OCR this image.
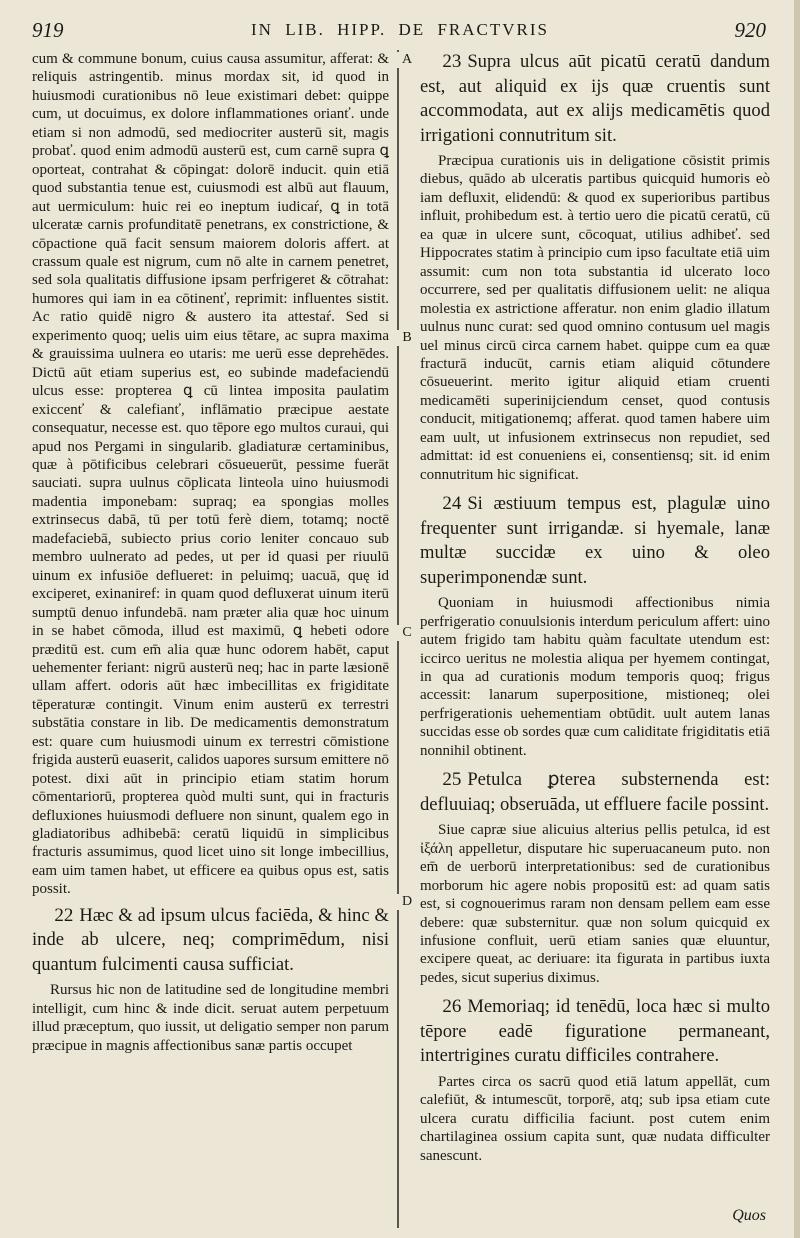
919	IN LIB. HIPP. DE FRACTVRIS	920
A
B
C
D

cum & commune bonum, cuius causa assumitur, afferat: & reliquis astringentib. minus mordax sit, id quod in huiusmodi curationibus nō leue existimari debet: quippe cum, ut docuimus, ex dolore inflammationes orianť. unde etiam si non admodū, sed mediocriter austerū sit, magis probať. quod enim admodū austerū est, cum carnē supra ꝗ oporteat, contrahat & cōpingat: dolorē inducit. quin etiā quod substantia tenue est, cuiusmodi est albū aut flauum, aut uermiculum: huic rei eo ineptum iudicaŕ, ꝗ in totā ulceratæ carnis profunditatē penetrans, ex constrictione, & cōpactione quā facit sensum maiorem doloris affert. at crassum quale est nigrum, cum nō alte in carnem penetret, sed sola qualitatis diffusione ipsam perfrigeret & cōtrahat: humores qui iam in ea cōtinenť, reprimit: influentes sistit. Ac ratio quidē nigro & austero ita attestaŕ. Sed si experimento quoq; uelis uim eius tētare, ac supra maxima & grauissima uulnera eo utaris: me uerū esse deprehēdes. Dictū aūt etiam superius est, eo subinde madefaciendū ulcus esse: propterea ꝗ cū lintea imposita paulatim exiccenť & calefianť, inflāmatio præcipue aestate consequatur, necesse est. quo tēpore ego multos curaui, qui apud nos Pergami in singularib. gladiaturæ certaminibus, quæ à pōtificibus celebrari cōsueuerūt, pessime fuerāt sauciati. supra uulnus cōplicata linteola uino huiusmodi madentia imponebam: supraq; ea spongias molles extrinsecus dabā, tū per totū ferè diem, totamq; noctē madefaciebā, subiecto prius corio leniter concauo sub membro uulnerato ad pedes, ut per id quasi per riuulū uinum ex infusiōe deflueret: in peluimq; uacuā, quę id exciperet, exinaniref: in quam quod defluxerat uinum iterū sumptū denuo infundebā. nam præter alia quæ hoc uinum in se habet cōmoda, illud est maximū, ꝗ hebeti odore præditū est. cum em̄ alia quæ hunc odorem habēt, caput uehementer feriant: nigrū austerū neq; hac in parte læsionē ullam affert. odoris aūt hæc imbecillitas ex frigiditate tēperaturæ contingit. Vinum enim austerū ex terrestri substātia constare in lib. De medicamentis demonstratum est: quare cum huiusmodi uinum ex terrestri cōmistione frigida austerū euaserit, calidos uapores sursum emittere nō potest. dixi aūt in principio etiam statim horum cōmentariorū, propterea quòd multi sunt, qui in fracturis defluxiones huiusmodi defluere non sinunt, qualem ego in gladiatoribus adhibebā: ceratū liquidū in simplicibus fracturis assumimus, quod licet uino sit longe imbecillius, eam uim tamen habet, ut efficere ea quibus opus est, satis possit.

22 Hæc & ad ipsum ulcus faciēda, & hinc & inde ab ulcere, neq; comprimēdum, nisi quantum fulcimenti causa sufficiat.

Rursus hic non de latitudine sed de longitudine membri intelligit, cum hinc & inde dicit. seruat autem perpetuum illud præceptum, quo iussit, ut deligatio semper non parum præcipue in magnis affectionibus sanæ partis occupet

23 Supra ulcus aūt picatū ceratū dandum est, aut aliquid ex ijs quæ cruentis sunt accommodata, aut ex alijs medicamētis quod irrigationi connutritum sit.

Præcipua curationis uis in deligatione cōsistit primis diebus, quādo ab ulceratis partibus quicquid humoris eò iam defluxit, elidendū: & quod ex superioribus partibus influit, prohibedum est. à tertio uero die picatū ceratū, cū ea quæ in ulcere sunt, cōcoquat, utilius adhibeť. sed Hippocrates statim à principio cum ipso facultate etiā uim assumit: cum non tota substantia id ulcerato loco occurrere, sed per qualitatis diffusionem uelit: ne aliqua molestia ex astrictione afferatur. non enim gladio illatum uulnus nunc curat: sed quod omnino contusum uel magis uel minus circū circa carnem habet. quippe cum ea quæ fracturā inducūt, carnis etiam aliquid cōtundere cōsueuerint. merito igitur aliquid etiam cruenti medicamēti superinijciendum censet, quod contusis conducit, mitigationemq; afferat. quod tamen habere uim eam uult, ut infusionem extrinsecus non repudiet, sed admittat: id est conueniens ei, consentiensq; sit. id enim connutritum hic significat.

24 Si æstiuum tempus est, plagulæ uino frequenter sunt irrigandæ. si hyemale, lanæ multæ succidæ ex uino & oleo superimponendæ sunt.

Quoniam in huiusmodi affectionibus nimia perfrigeratio conuulsionis interdum periculum affert: uino autem frigido tam habitu quàm facultate utendum est: iccirco ueritus ne molestia aliqua per hyemem contingat, in qua ad curationis modum temporis quoq; frigus accessit: lanarum superpositione, mistioneq; olei perfrigerationis uehementiam obtūdit. uult autem lanas succidas esse ob sordes quæ cum caliditate frigiditatis etiā nonnihil obtinent.

25 Petulca ꝑterea substernenda est: defluuiaq; obseruāda, ut effluere facile possint.

Siue capræ siue alicuius alterius pellis petulca, id est ἰξάλη appelletur, disputare hic superuacaneum puto. non em̄ de uerborū interpretationibus: sed de curationibus morborum hic agere nobis propositū est: ad quam satis est, si cognouerimus raram non densam pellem eam esse debere: quæ substernitur. quæ non solum quicquid ex infusione confluit, uerū etiam sanies quæ eluuntur, excipere queat, ac deriuare: ita figurata in partibus iuxta pedes, sicut superius diximus.

26 Memoriaq; id tenēdū, loca hæc si multo tēpore eadē figuratione permaneant, intertrigines curatu difficiles contrahere.

Partes circa os sacrū quod etiā latum appellāt, cum calefiūt, & intumescūt, torporē, atq; sub ipsa etiam cute ulcera curatu difficilia faciunt. post cutem enim chartilaginea ossium capita sunt, quæ nudata difficulter sanescunt.

Quos
